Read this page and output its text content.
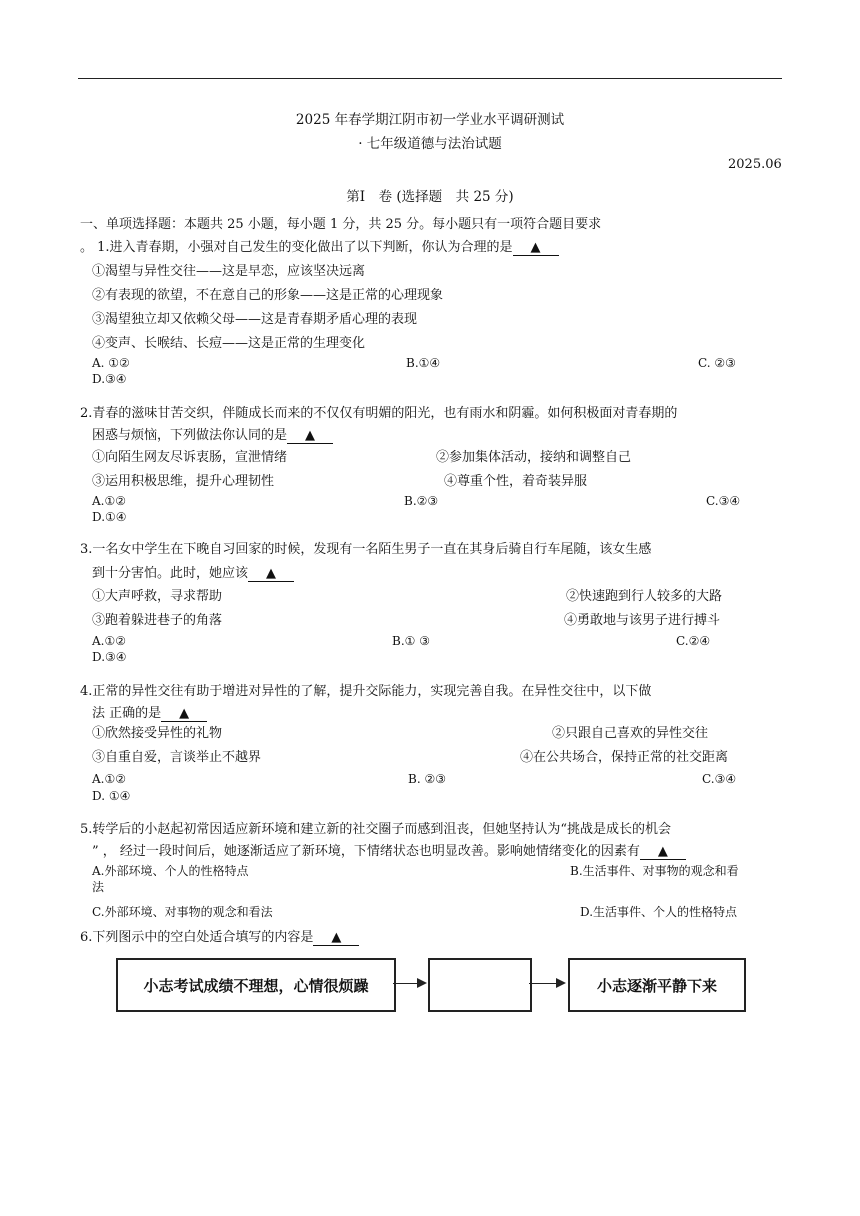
2025 年春学期江阴市初一学业水平调研测试
· 七年级道德与法治试题
2025.06
第Ⅰ　卷 (选择题　共 25 分)
一、单项选择题：本题共 25 小题，每小题 1 分，共 25 分。每小题只有一项符合题目要求
。 1.进入青春期，小强对自己发生的变化做出了以下判断，你认为合理的是 ▲
①渴望与异性交往——这是早恋，应该坚决远离
②有表现的欲望，不在意自己的形象——这是正常的心理现象
③渴望独立却又依赖父母——这是青春期矛盾心理的表现
④变声、长喉结、长痘——这是正常的生理变化
A. ①②	B.①④	C. ②③
D.③④
2.青春的滋味甘苦交织，伴随成长而来的不仅仅有明媚的阳光，也有雨水和阴霾。如何积极面对青春期的
困惑与烦恼，下列做法你认同的是 ▲
①向陌生网友尽诉衷肠，宣泄情绪	②参加集体活动，接纳和调整自己
③运用积极思维，提升心理韧性	④尊重个性，着奇装异服
A.①②	B.②③	C.③④
D.①④
3.一名女中学生在下晚自习回家的时候，发现有一名陌生男子一直在其身后骑自行车尾随，该女生感
到十分害怕。此时，她应该 ▲
①大声呼救，寻求帮助	②快速跑到行人较多的大路
③跑着躲进巷子的角落	④勇敢地与该男子进行搏斗
A.①②	B.① ③	C.②④
D.③④
4.正常的异性交往有助于增进对异性的了解，提升交际能力，实现完善自我。在异性交往中，以下做
法 正确的是 ▲
①欣然接受异性的礼物	②只跟自己喜欢的异性交往
③自重自爱，言谈举止不越界	④在公共场合，保持正常的社交距离
A.①②	B. ②③	C.③④
D. ①④
5.转学后的小赵起初常因适应新环境和建立新的社交圈子而感到沮丧，但她坚持认为“挑战是成长的机会
” ， 经过一段时间后，她逐渐适应了新环境，下情绪状态也明显改善。影响她情绪变化的因素有 ▲
A.外部环境、个人的性格特点	B.生活事件、对事物的观念和看
法
C.外部环境、对事物的观念和看法	D.生活事件、个人的性格特点
6.下列图示中的空白处适合填写的内容是 ▲
小志考试成绩不理想，心情很烦躁	小志逐渐平静下来
